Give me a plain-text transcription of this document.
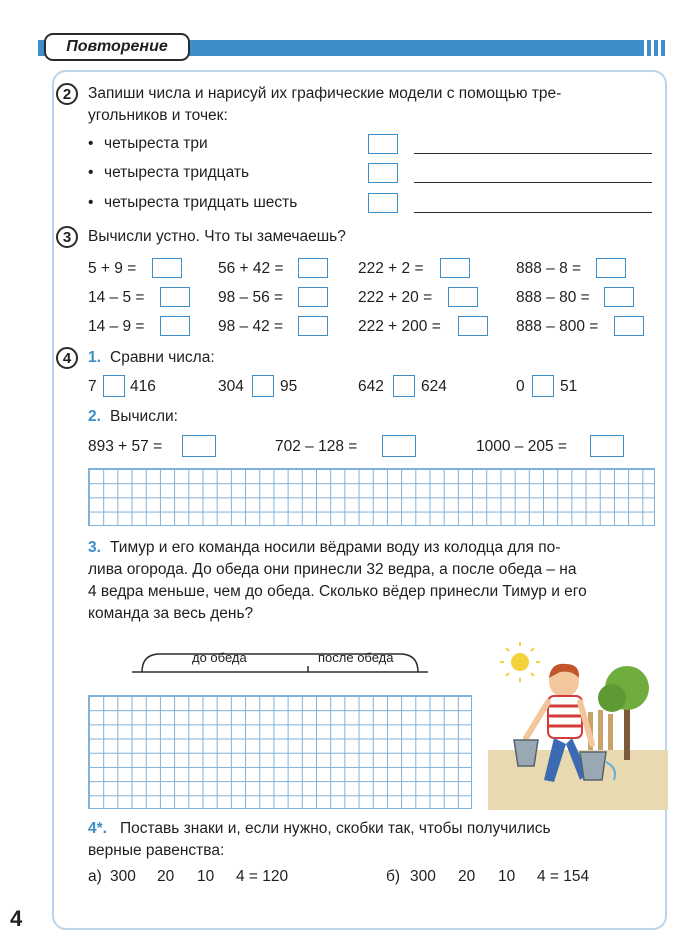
Повторение
2	Запиши числа и нарисуй их графические модели с помощью тре-
угольников и точек:
• четыреста три
• четыреста тридцать
• четыреста тридцать шесть
3	Вычисли устно. Что ты замечаешь?
5 + 9 =	56 + 42 =	222 + 2 =	888 – 8 =
14 – 5 =	98 – 56 =	222 + 20 =	888 – 80 =
14 – 9 =	98 – 42 =	222 + 200 =	888 – 800 =
4	1. Сравни числа:
7 416	304 95	642 624	0 51
2. Вычисли:
893 + 57 =	702 – 128 =	1000 – 205 =
3. Тимур и его команда носили вёдрами воду из колодца для по-
лива огорода. До обеда они принесли 32 ведра, а после обеда – на
4 ведра меньше, чем до обеда. Сколько вёдер принесли Тимур и его
команда за весь день?
до обеда	после обеда
4*. Поставь знаки и, если нужно, скобки так, чтобы получились
верные равенства:
а) 300 20 10 4 = 120	б) 300 20 10 4 = 154
4
